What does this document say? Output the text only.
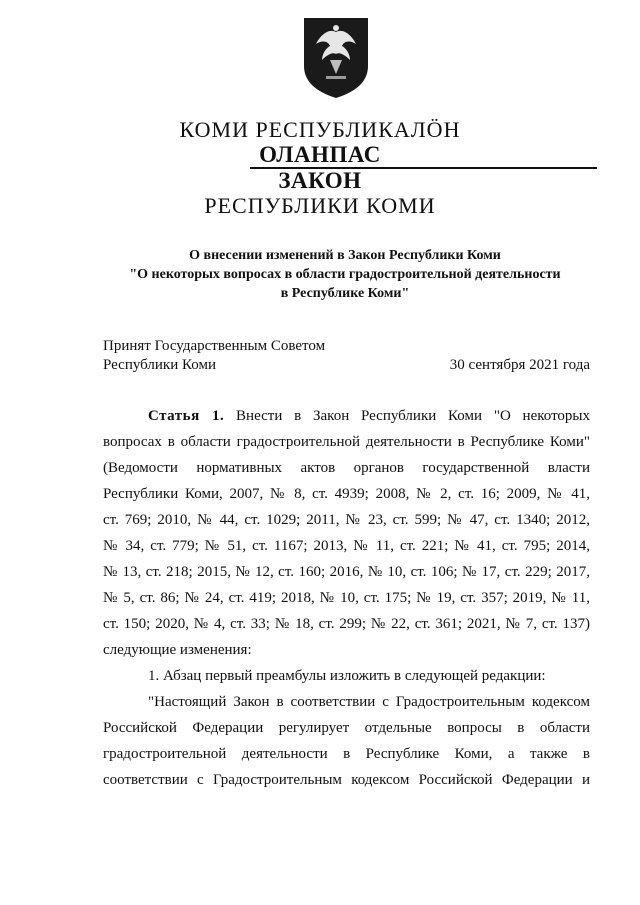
КОМИ РЕСПУБЛИКАЛӦН
ОЛАНПАС
ЗАКОН
РЕСПУБЛИКИ КОМИ
О внесении изменений в Закон Республики Коми
"О некоторых вопросах в области градостроительной деятельности
в Республике Коми"
Принят Государственным Советом
Республики Коми	30 сентября 2021 года
Статья 1. Внести в Закон Республики Коми "О некоторых
вопросах в области градостроительной деятельности в Республике Коми"
(Ведомости нормативных актов органов государственной власти
Республики Коми, 2007, № 8, ст. 4939; 2008, № 2, ст. 16; 2009, № 41,
ст. 769; 2010, № 44, ст. 1029; 2011, № 23, ст. 599; № 47, ст. 1340; 2012,
№ 34, ст. 779; № 51, ст. 1167; 2013, № 11, ст. 221; № 41, ст. 795; 2014,
№ 13, ст. 218; 2015, № 12, ст. 160; 2016, № 10, ст. 106; № 17, ст. 229; 2017,
№ 5, ст. 86; № 24, ст. 419; 2018, № 10, ст. 175; № 19, ст. 357; 2019, № 11,
ст. 150; 2020, № 4, ст. 33; № 18, ст. 299; № 22, ст. 361; 2021, № 7, ст. 137)
следующие изменения:
1. Абзац первый преамбулы изложить в следующей редакции:
"Настоящий Закон в соответствии с Градостроительным кодексом
Российской Федерации регулирует отдельные вопросы в области
градостроительной деятельности в Республике Коми, а также в
соответствии с Градостроительным кодексом Российской Федерации и
